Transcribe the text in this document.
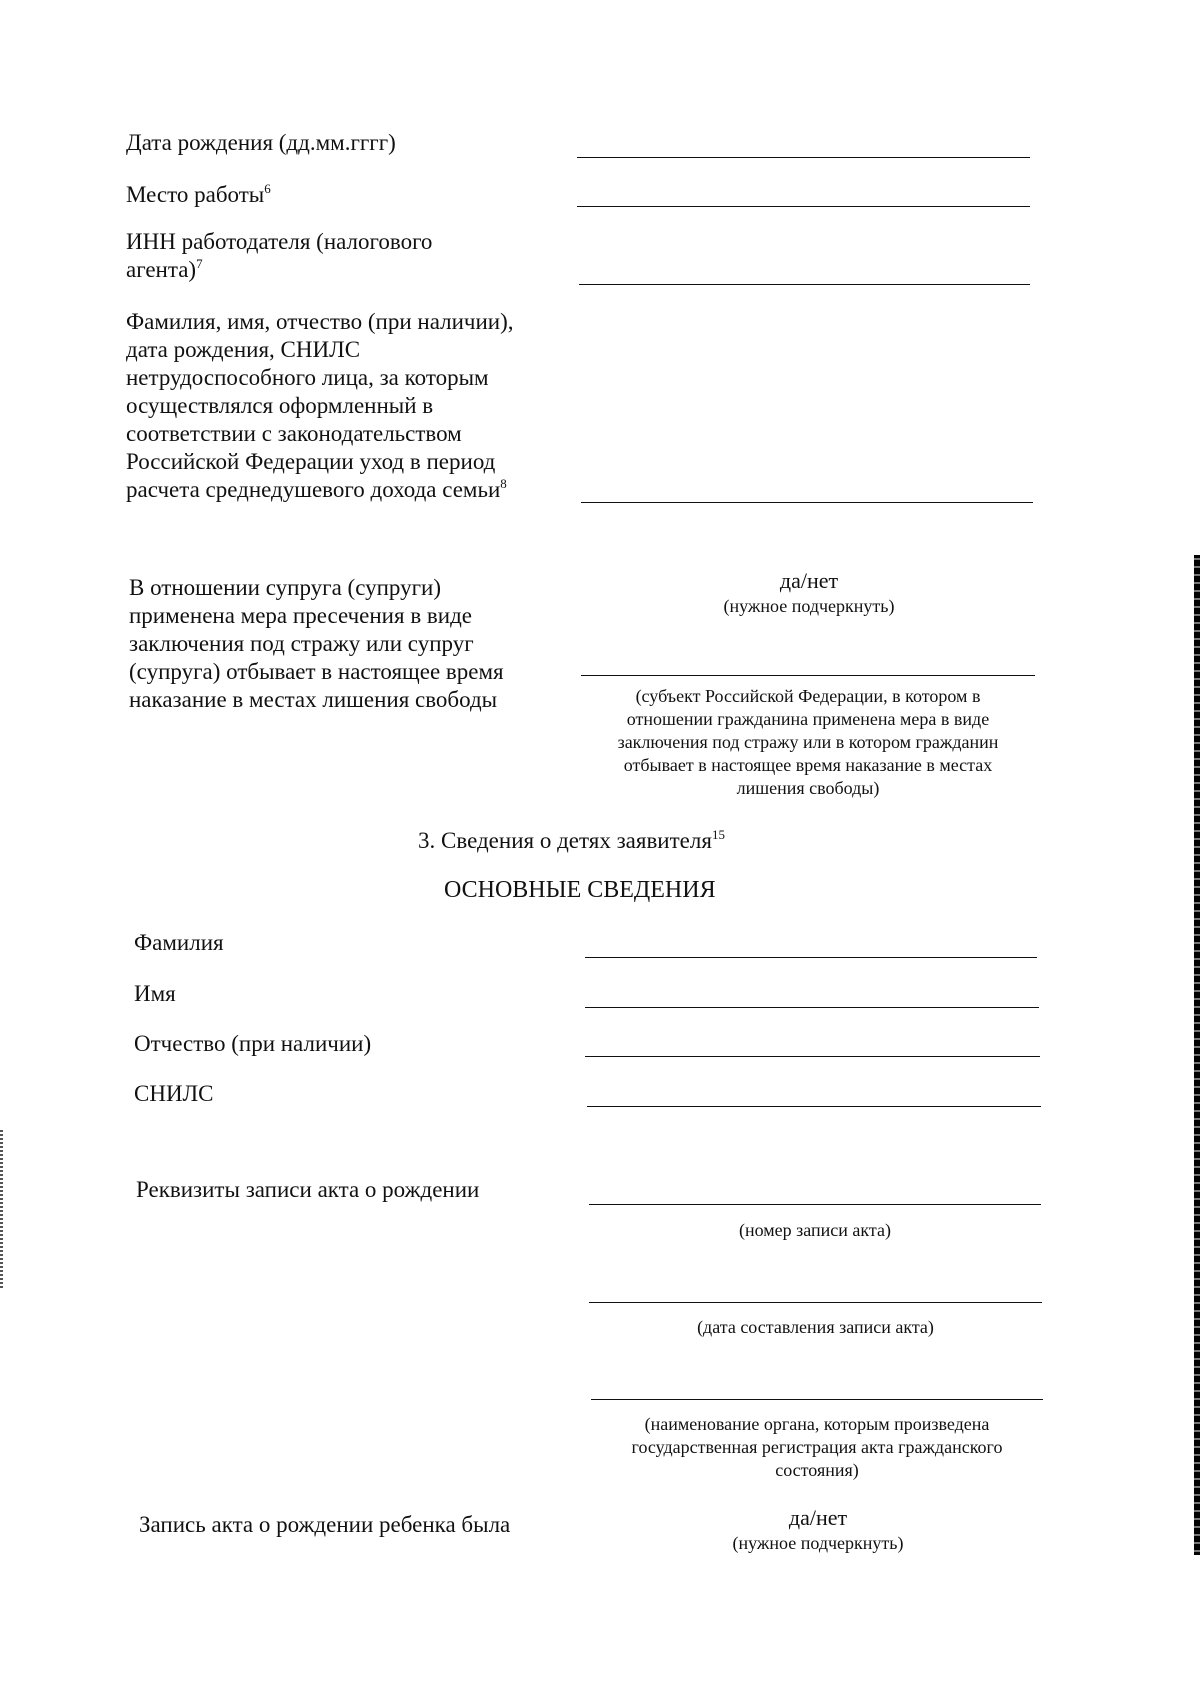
Дата рождения (дд.мм.гггг)
Место работы$^6$
ИНН работодателя (налогового
агента)$^7$
Фамилия, имя, отчество (при наличии),
дата рождения, СНИЛС
нетрудоспособного лица, за которым
осуществлялся оформленный в
соответствии с законодательством
Российской Федерации уход в период
расчета среднедушевого дохода семьи$^8$
В отношении супруга (супруги)
применена мера пресечения в виде
заключения под стражу или супруг
(супруга) отбывает в настоящее время
наказание в местах лишения свободы
да/нет
(нужное подчеркнуть)
(субъект Российской Федерации, в котором в
отношении гражданина применена мера в виде
заключения под стражу или в котором гражданин
отбывает в настоящее время наказание в местах
лишения свободы)
3. Сведения о детях заявителя$^{15}$
ОСНОВНЫЕ СВЕДЕНИЯ
Фамилия
Имя
Отчество (при наличии)
СНИЛС
Реквизиты записи акта о рождении
(номер записи акта)
(дата составления записи акта)
(наименование органа, которым произведена
государственная регистрация акта гражданского
состояния)
Запись акта о рождении ребенка была	да/нет
(нужное подчеркнуть)
